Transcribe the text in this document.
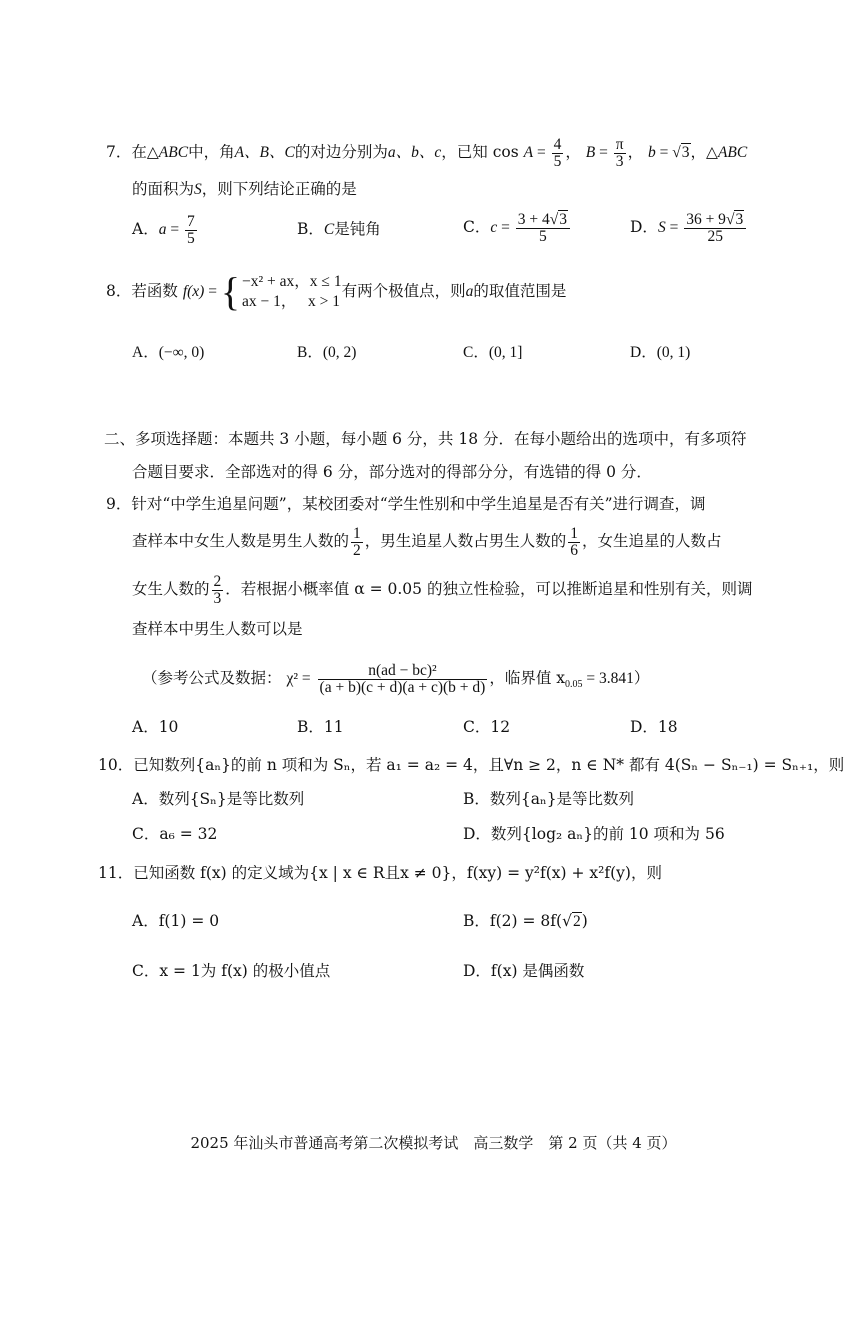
7．在△ABC中，角A、B、C的对边分别为a、b、c，已知 $\cos A = \frac{4}{5}$ ， $B = \frac{\pi}{3}$ ， b = √3，△ABC
的面积为S，则下列结论正确的是
A．$a = \frac{7}{5}$	B．C是钝角	C．$c = \frac{3 + 4√3}{5}$	D．$S = \frac{36 + 9√3}{25}$
8．若函数 f(x) = { −x² + ax，x ≤ 1
ax − 1，   x > 1
有两个极值点，则a的取值范围是
A．(−∞, 0)	B．(0, 2)	C．(0, 1]	D．(0, 1)
二、多项选择题：本题共 3 小题，每小题 6 分，共 18 分．在每小题给出的选项中，有多项符
合题目要求．全部选对的得 6 分，部分选对的得部分分，有选错的得 0 分．
9．针对“中学生追星问题”，某校团委对“学生性别和中学生追星是否有关”进行调查，调
查样本中女生人数是男生人数的 $\frac{1}{2}$ ，男生追星人数占男生人数的 $\frac{1}{6}$ ，女生追星的人数占
女生人数的 $\frac{2}{3}$ ．若根据小概率值 α = 0.05 的独立性检验，可以推断追星和性别有关，则调
查样本中男生人数可以是
（参考公式及数据： $\chi^2 = \frac{\text{n(ad − bc)²}}{(a + b)(c + d)(a + c)(b + d)}$ ，临界值 $x_{0.05} = 3.841$）
A．10	B．11	C．12	D．18
10．已知数列{aₙ}的前 n 项和为 Sₙ，若 a₁ = a₂ = 4，且∀n ≥ 2，n ∈ N* 都有 4(Sₙ − Sₙ₋₁) = Sₙ₊₁，则
A．数列{Sₙ}是等比数列	B．数列{aₙ}是等比数列
C．a₆ = 32	D．数列{log₂ aₙ}的前 10 项和为 56
11．已知函数 f(x) 的定义域为{x | x ∈ R且x ≠ 0}，f(xy) = y²f(x) + x²f(y)，则
A．f(1) = 0	B．f(2) = 8f(√2)
C．x = 1为 f(x) 的极小值点	D．f(x) 是偶函数
2025 年汕头市普通高考第二次模拟考试　高三数学　第 2 页（共 4 页）
